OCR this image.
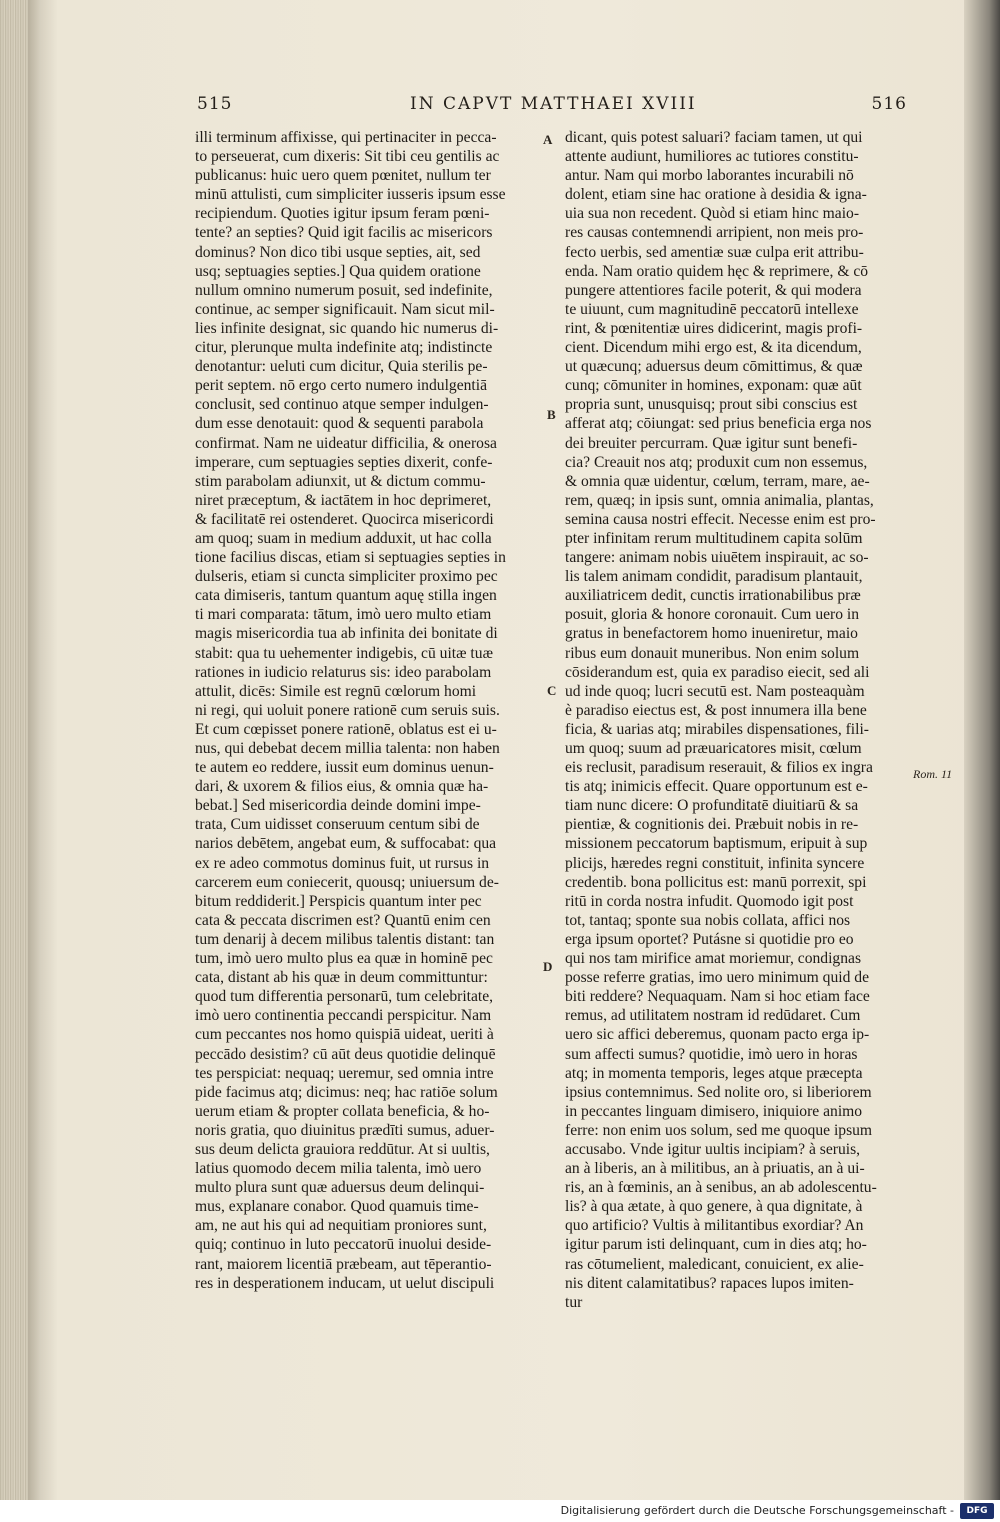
515	IN CAPVT MATTHAEI XVIII	516
illi terminum affixisse, qui pertinaciter in pecca-
to perseuerat, cum dixeris: Sit tibi ceu gentilis ac
publicanus: huic uero quem pœnitet, nullum ter
minū attulisti, cum simpliciter iusseris ipsum esse
recipiendum. Quoties igitur ipsum feram pœni-
tente? an septies? Quid igit facilis ac misericors
dominus? Non dico tibi usque septies, ait, sed
usq; septuagies septies.] Qua quidem oratione
nullum omnino numerum posuit, sed indefinite,
continue, ac semper significauit. Nam sicut mil-
lies infinite designat, sic quando hic numerus di-
citur, plerunque multa indefinite atq; indistincte
denotantur: ueluti cum dicitur, Quia sterilis pe-
perit septem. nō ergo certo numero indulgentiā
conclusit, sed continuo atque semper indulgen-
dum esse denotauit: quod & sequenti parabola
confirmat. Nam ne uideatur difficilia, & onerosa
imperare, cum septuagies septies dixerit, confe-
stim parabolam adiunxit, ut & dictum commu-
niret præceptum, & iactātem in hoc deprimeret,
& facilitatē rei ostenderet. Quocirca misericordi
am quoq; suam in medium adduxit, ut hac colla
tione facilius discas, etiam si septuagies septies in
dulseris, etiam si cuncta simpliciter proximo pec
cata dimiseris, tantum quantum aquę stilla ingen
ti mari comparata: tātum, imò uero multo etiam
magis misericordia tua ab infinita dei bonitate di
stabit: qua tu uehementer indigebis, cū uitæ tuæ
rationes in iudicio relaturus sis: ideo parabolam
attulit, dicēs: Simile est regnū cœlorum homi
ni regi, qui uoluit ponere rationē cum seruis suis.
Et cum cœpisset ponere rationē, oblatus est ei u-
nus, qui debebat decem millia talenta: non haben
te autem eo reddere, iussit eum dominus uenun-
dari, & uxorem & filios eius, & omnia quæ ha-
bebat.] Sed misericordia deinde domini impe-
trata, Cum uidisset conseruum centum sibi de
narios debētem, angebat eum, & suffocabat: qua
ex re adeo commotus dominus fuit, ut rursus in
carcerem eum coniecerit, quousq; uniuersum de-
bitum reddiderit.] Perspicis quantum inter pec
cata & peccata discrimen est? Quantū enim cen
tum denarij à decem milibus talentis distant: tan
tum, imò uero multo plus ea quæ in hominē pec
cata, distant ab his quæ in deum committuntur:
quod tum differentia personarū, tum celebritate,
imò uero continentia peccandi perspicitur. Nam
cum peccantes nos homo quispiā uideat, ueriti à
peccādo desistim? cū aūt deus quotidie delinquē
tes perspiciat: nequaq; ueremur, sed omnia intre
pide facimus atq; dicimus: neq; hac ratiōe solum
uerum etiam & propter collata beneficia, & ho-
noris gratia, quo diuinitus prædīti sumus, aduer-
sus deum delicta grauiora reddūtur. At si uultis,
latius quomodo decem milia talenta, imò uero
multo plura sunt quæ aduersus deum delinqui-
mus, explanare conabor. Quod quamuis time-
am, ne aut his qui ad nequitiam proniores sunt,
quiq; continuo in luto peccatorū inuolui deside-
rant, maiorem licentiā præbeam, aut tēperantio-
res in desperationem inducam, ut uelut discipuli
dicant, quis potest saluari? faciam tamen, ut qui
attente audiunt, humiliores ac tutiores constitu-
antur. Nam qui morbo laborantes incurabili nō
dolent, etiam sine hac oratione à desidia & igna-
uia sua non recedent. Quòd si etiam hinc maio-
res causas contemnendi arripient, non meis pro-
fecto uerbis, sed amentiæ suæ culpa erit attribu-
enda. Nam oratio quidem hęc & reprimere, & cō
pungere attentiores facile poterit, & qui modera
te uiuunt, cum magnitudinē peccatorū intellexe
rint, & pœnitentiæ uires didicerint, magis profi-
cient. Dicendum mihi ergo est, & ita dicendum,
ut quæcunq; aduersus deum cōmittimus, & quæ
cunq; cōmuniter in homines, exponam: quæ aūt
propria sunt, unusquisq; prout sibi conscius est
afferat atq; cōiungat: sed prius beneficia erga nos
dei breuiter percurram. Quæ igitur sunt benefi-
cia? Creauit nos atq; produxit cum non essemus,
& omnia quæ uidentur, cœlum, terram, mare, ae-
rem, quæq; in ipsis sunt, omnia animalia, plantas,
semina causa nostri effecit. Necesse enim est pro-
pter infinitam rerum multitudinem capita solūm
tangere: animam nobis uiuētem inspirauit, ac so-
lis talem animam condidit, paradisum plantauit,
auxiliatricem dedit, cunctis irrationabilibus præ
posuit, gloria & honore coronauit. Cum uero in
gratus in benefactorem homo inueniretur, maio
ribus eum donauit muneribus. Non enim solum
cōsiderandum est, quia ex paradiso eiecit, sed ali
ud inde quoq; lucri secutū est. Nam posteaquàm
è paradiso eiectus est, & post innumera illa bene
ficia, & uarias atq; mirabiles dispensationes, fili-
um quoq; suum ad præuaricatores misit, cœlum
eis reclusit, paradisum reserauit, & filios ex ingra
tis atq; inimicis effecit. Quare opportunum est e-
tiam nunc dicere: O profunditatē diuitiarū & sa
pientiæ, & cognitionis dei. Præbuit nobis in re-
missionem peccatorum baptismum, eripuit à sup
plicijs, hæredes regni constituit, infinita syncere
credentib. bona pollicitus est: manū porrexit, spi
ritū in corda nostra infudit. Quomodo igit post
tot, tantaq; sponte sua nobis collata, affici nos
erga ipsum oportet? Putásne si quotidie pro eo
qui nos tam mirifice amat moriemur, condignas
posse referre gratias, imo uero minimum quid de
biti reddere? Nequaquam. Nam si hoc etiam face
remus, ad utilitatem nostram id redūdaret. Cum
uero sic affici deberemus, quonam pacto erga ip-
sum affecti sumus? quotidie, imò uero in horas
atq; in momenta temporis, leges atque præcepta
ipsius contemnimus. Sed nolite oro, si liberiorem
in peccantes linguam dimisero, iniquiore animo
ferre: non enim uos solum, sed me quoque ipsum
accusabo. Vnde igitur uultis incipiam? à seruis,
an à liberis, an à militibus, an à priuatis, an à ui-
ris, an à fœminis, an à senibus, an ab adolescentu-
lis? à qua ætate, à quo genere, à qua dignitate, à
quo artificio? Vultis à militantibus exordiar? An
igitur parum isti delinquant, cum in dies atq; ho-
ras cōtumelient, maledicant, conuicient, ex alie-
nis ditent calamitatibus? rapaces lupos imiten-
tur
A
B
C
D
Rom. 11
Digitalisierung gefördert durch die Deutsche Forschungsgemeinschaft -	DFG
